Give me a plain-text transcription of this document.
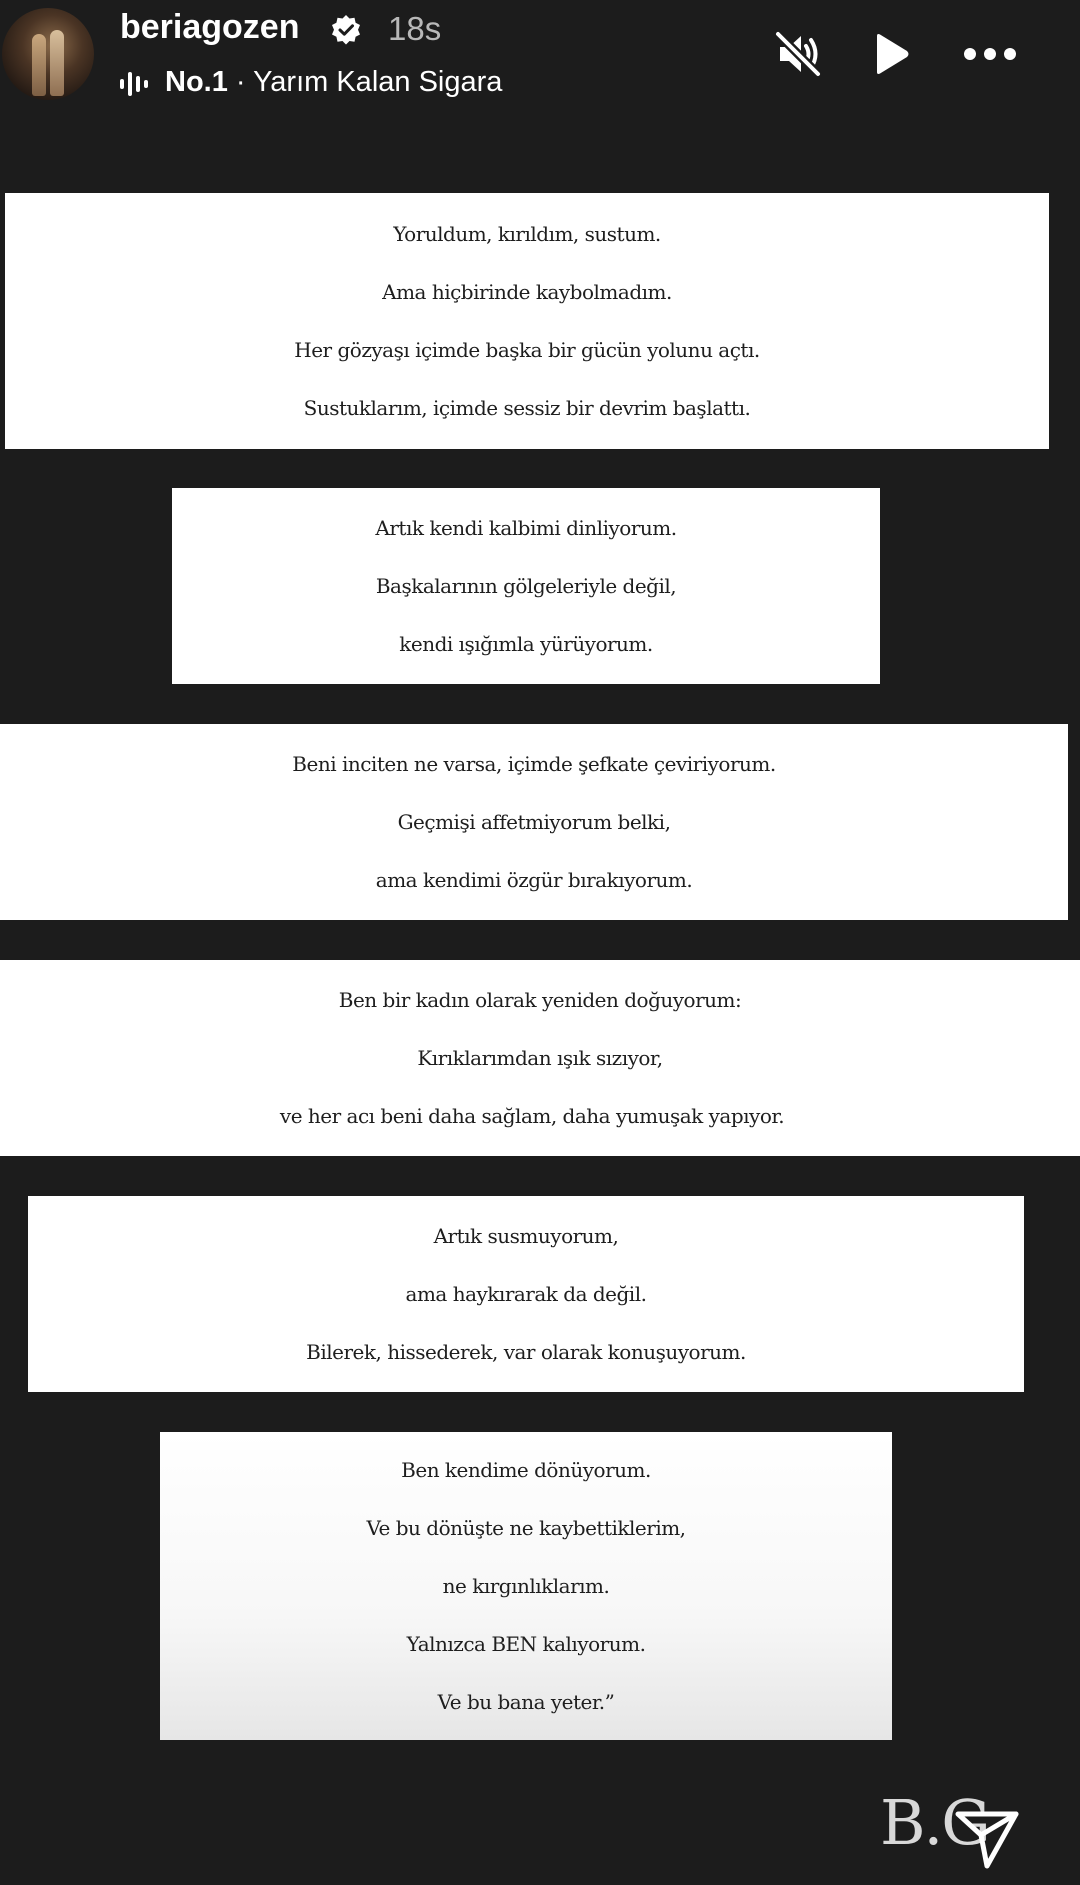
beriagozen	18s
No.1 · Yarım Kalan Sigara
Yoruldum, kırıldım, sustum.
Ama hiçbirinde kaybolmadım.
Her gözyaşı içimde başka bir gücün yolunu açtı.
Sustuklarım, içimde sessiz bir devrim başlattı.
Artık kendi kalbimi dinliyorum.
Başkalarının gölgeleriyle değil,
kendi ışığımla yürüyorum.
Beni inciten ne varsa, içimde şefkate çeviriyorum.
Geçmişi affetmiyorum belki,
ama kendimi özgür bırakıyorum.
Ben bir kadın olarak yeniden doğuyorum:
Kırıklarımdan ışık sızıyor,
ve her acı beni daha sağlam, daha yumuşak yapıyor.
Artık susmuyorum,
ama haykırarak da değil.
Bilerek, hissederek, var olarak konuşuyorum.
Ben kendime dönüyorum.
Ve bu dönüşte ne kaybettiklerim,
ne kırgınlıklarım.
Yalnızca BEN kalıyorum.
Ve bu bana yeter.”
B.G
